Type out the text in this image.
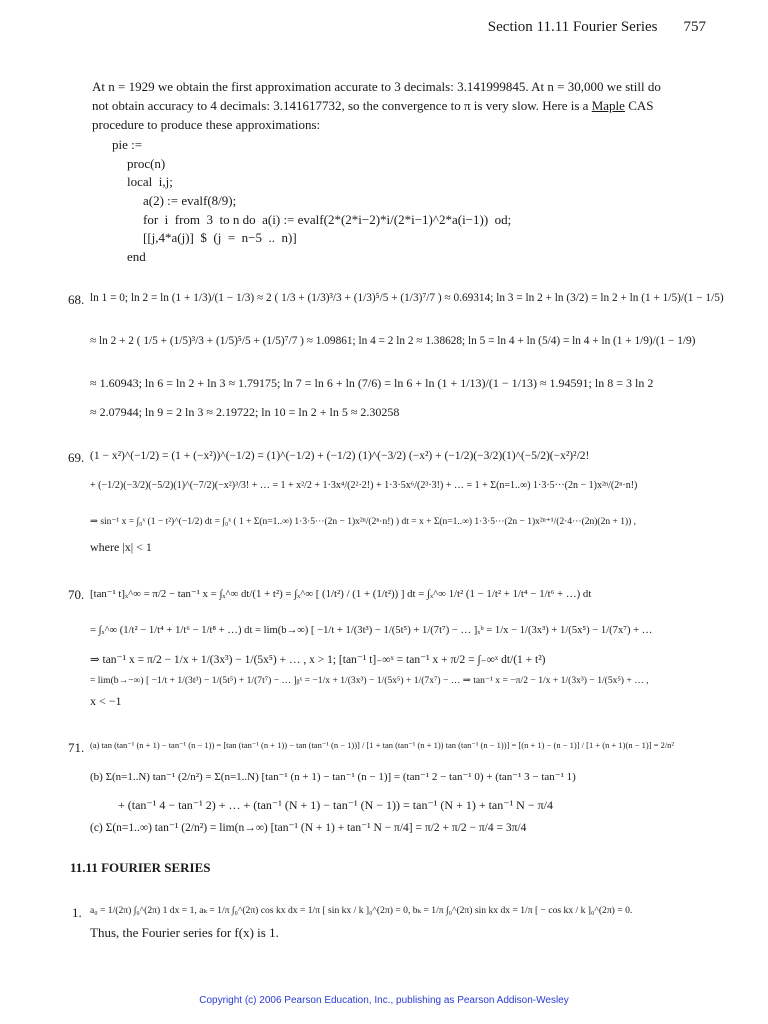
Section 11.11 Fourier Series 757
At n = 1929 we obtain the first approximation accurate to 3 decimals: 3.141999845. At n = 30,000 we still do
not obtain accuracy to 4 decimals: 3.141617732, so the convergence to π is very slow. Here is a Maple CAS
procedure to produce these approximations:
pie :=
proc(n)
local  i,j;
a(2) := evalf(8/9);
for  i  from  3  to n do  a(i) := evalf(2*(2*i−2)*i/(2*i−1)^2*a(i−1))  od;
[[j,4*a(j)]  $  (j  =  n−5  ..  n)]
end
68. ln 1 = 0; ln 2 = ln (1 + 1/3)/(1 − 1/3) ≈ 2 ( 1/3 + (1/3)³/3 + (1/3)⁵/5 + (1/3)⁷/7 ) ≈ 0.69314; ln 3 = ln 2 + ln (3/2) = ln 2 + ln (1 + 1/5)/(1 − 1/5)
≈ ln 2 + 2 ( 1/5 + (1/5)³/3 + (1/5)⁵/5 + (1/5)⁷/7 ) ≈ 1.09861; ln 4 = 2 ln 2 ≈ 1.38628; ln 5 = ln 4 + ln (5/4) = ln 4 + ln (1 + 1/9)/(1 − 1/9)
≈ 1.60943; ln 6 = ln 2 + ln 3 ≈ 1.79175; ln 7 = ln 6 + ln (7/6) = ln 6 + ln (1 + 1/13)/(1 − 1/13) ≈ 1.94591; ln 8 = 3 ln 2
≈ 2.07944; ln 9 = 2 ln 3 ≈ 2.19722; ln 10 = ln 2 + ln 5 ≈ 2.30258
69. (1 − x²)^(−1/2) = (1 + (−x²))^(−1/2) = (1)^(−1/2) + (−1/2) (1)^(−3/2) (−x²) + (−1/2)(−3/2)(1)^(−5/2)(−x²)²/2!
+ (−1/2)(−3/2)(−5/2)(1)^(−7/2)(−x²)³/3! + … = 1 + x²/2 + 1·3x⁴/(2²·2!) + 1·3·5x⁶/(2³·3!) + … = 1 + Σ(n=1..∞) 1·3·5···(2n − 1)x²ⁿ/(2ⁿ·n!)
⇒ sin⁻¹ x = ∫₀ˣ (1 − t²)^(−1/2) dt = ∫₀ˣ ( 1 + Σ(n=1..∞) 1·3·5···(2n − 1)x²ⁿ/(2ⁿ·n!) ) dt = x + Σ(n=1..∞) 1·3·5···(2n − 1)x²ⁿ⁺¹/(2·4···(2n)(2n + 1)) ,
where |x| < 1
70. [tan⁻¹ t]ₓ^∞ = π/2 − tan⁻¹ x = ∫ₓ^∞ dt/(1 + t²) = ∫ₓ^∞ [ (1/t²) / (1 + (1/t²)) ] dt = ∫ₓ^∞ 1/t² (1 − 1/t² + 1/t⁴ − 1/t⁶ + …) dt
= ∫ₓ^∞ (1/t² − 1/t⁴ + 1/t⁶ − 1/t⁸ + …) dt = lim(b→∞) [ −1/t + 1/(3t³) − 1/(5t⁵) + 1/(7t⁷) − … ]ₓᵇ = 1/x − 1/(3x³) + 1/(5x⁵) − 1/(7x⁷) + …
⇒ tan⁻¹ x = π/2 − 1/x + 1/(3x³) − 1/(5x⁵) + … , x > 1; [tan⁻¹ t]₋∞ˣ = tan⁻¹ x + π/2 = ∫₋∞ˣ dt/(1 + t²)
= lim(b→−∞) [ −1/t + 1/(3t³) − 1/(5t⁵) + 1/(7t⁷) − … ]ᵦˣ = −1/x + 1/(3x³) − 1/(5x⁵) + 1/(7x⁷) − … ⇒ tan⁻¹ x = −π/2 − 1/x + 1/(3x³) − 1/(5x⁵) + … ,
x < −1
71. (a) tan (tan⁻¹ (n + 1) − tan⁻¹ (n − 1)) = [tan (tan⁻¹ (n + 1)) − tan (tan⁻¹ (n − 1))] / [1 + tan (tan⁻¹ (n + 1)) tan (tan⁻¹ (n − 1))] = [(n + 1) − (n − 1)] / [1 + (n + 1)(n − 1)] = 2/n²
(b) Σ(n=1..N) tan⁻¹ (2/n²) = Σ(n=1..N) [tan⁻¹ (n + 1) − tan⁻¹ (n − 1)] = (tan⁻¹ 2 − tan⁻¹ 0) + (tan⁻¹ 3 − tan⁻¹ 1)
+ (tan⁻¹ 4 − tan⁻¹ 2) + … + (tan⁻¹ (N + 1) − tan⁻¹ (N − 1)) = tan⁻¹ (N + 1) + tan⁻¹ N − π/4
(c) Σ(n=1..∞) tan⁻¹ (2/n²) = lim(n→∞) [tan⁻¹ (N + 1) + tan⁻¹ N − π/4] = π/2 + π/2 − π/4 = 3π/4
11.11 FOURIER SERIES
1. a₀ = 1/(2π) ∫₀^(2π) 1 dx = 1, aₖ = 1/π ∫₀^(2π) cos kx dx = 1/π [ sin kx / k ]₀^(2π) = 0, bₖ = 1/π ∫₀^(2π) sin kx dx = 1/π [ − cos kx / k ]₀^(2π) = 0.
Thus, the Fourier series for f(x) is 1.
Copyright (c) 2006 Pearson Education, Inc., publishing as Pearson Addison-Wesley
